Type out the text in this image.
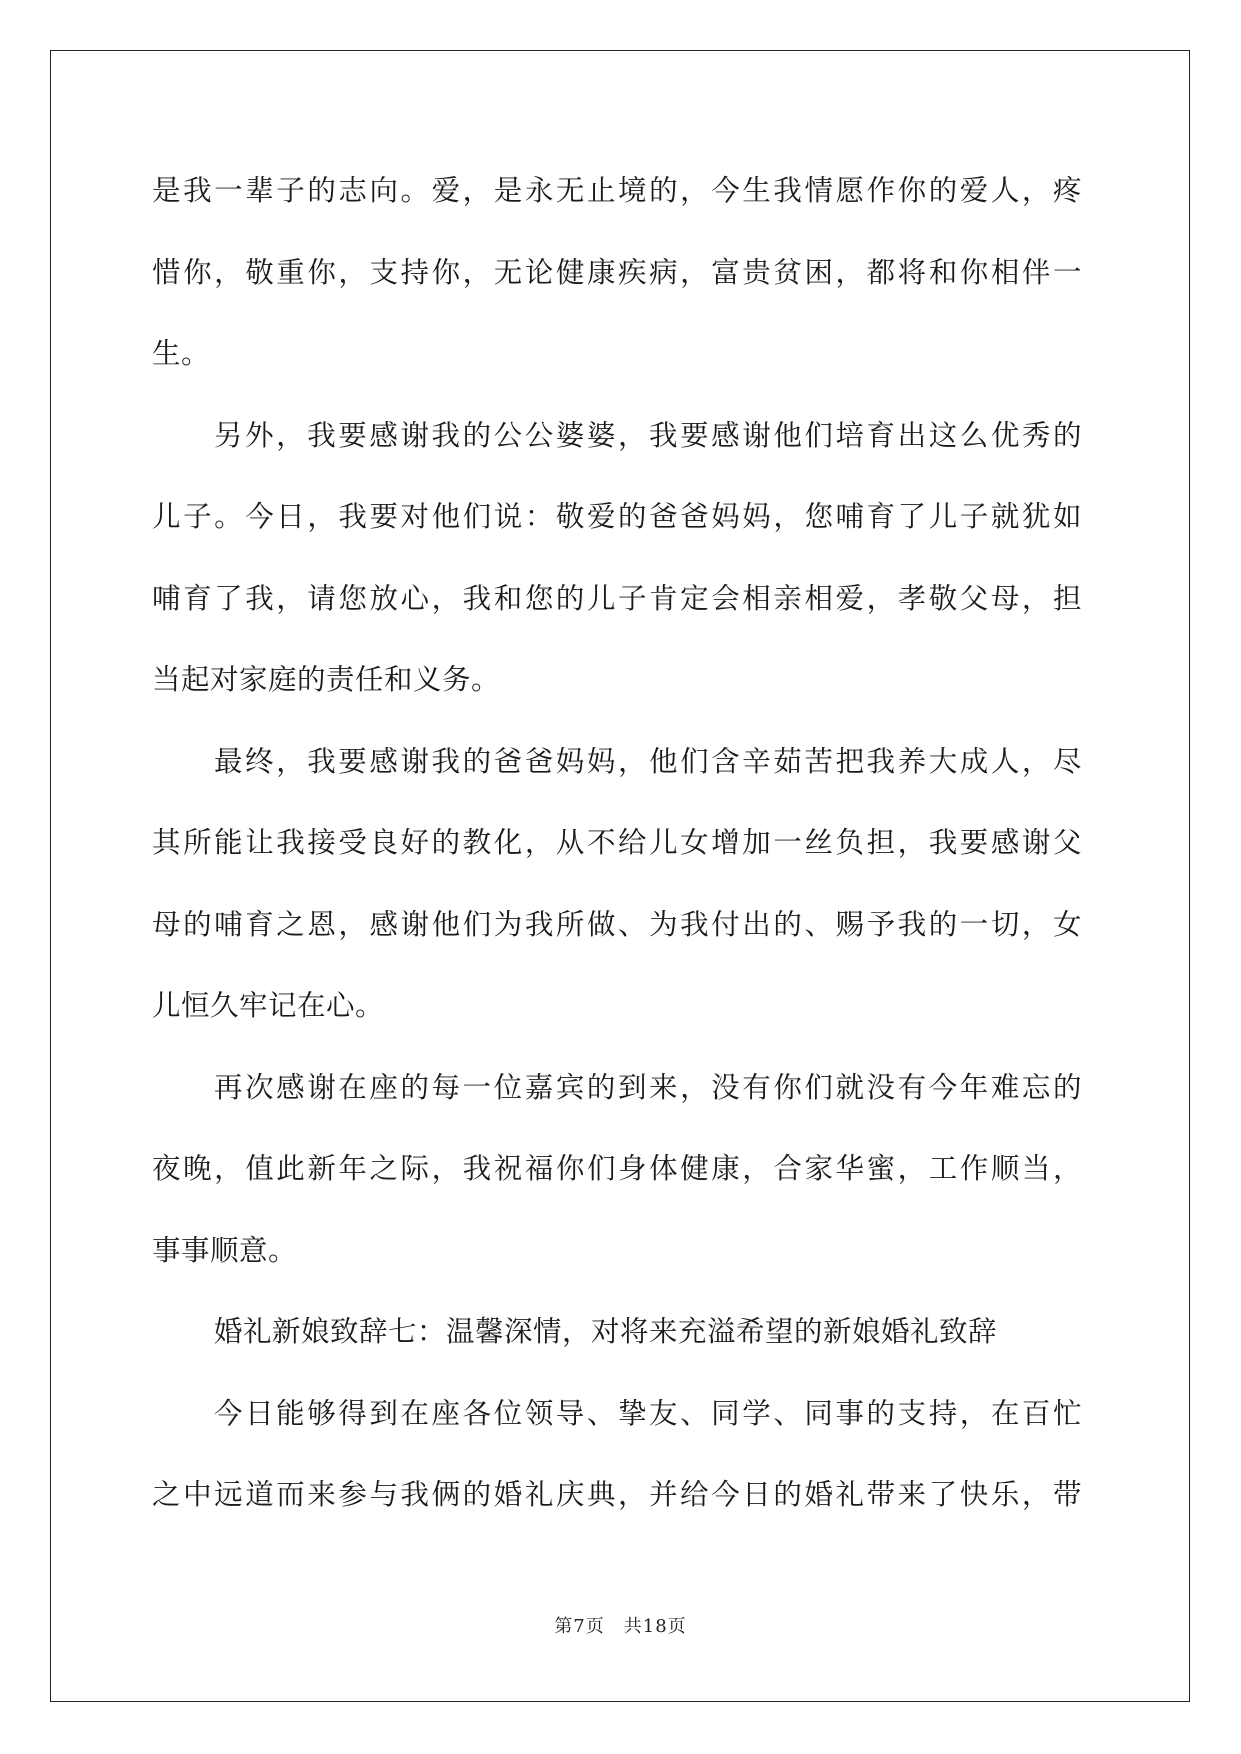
是我一辈子的志向。爱，是永无止境的，今生我情愿作你的爱人，疼
惜你，敬重你，支持你，无论健康疾病，富贵贫困，都将和你相伴一
生。
另外，我要感谢我的公公婆婆，我要感谢他们培育出这么优秀的
儿子。今日，我要对他们说：敬爱的爸爸妈妈，您哺育了儿子就犹如
哺育了我，请您放心，我和您的儿子肯定会相亲相爱，孝敬父母，担
当起对家庭的责任和义务。
最终，我要感谢我的爸爸妈妈，他们含辛茹苦把我养大成人，尽
其所能让我接受良好的教化，从不给儿女增加一丝负担，我要感谢父
母的哺育之恩，感谢他们为我所做、为我付出的、赐予我的一切，女
儿恒久牢记在心。
再次感谢在座的每一位嘉宾的到来，没有你们就没有今年难忘的
夜晚，值此新年之际，我祝福你们身体健康，合家华蜜，工作顺当，
事事顺意。
婚礼新娘致辞七：温馨深情，对将来充溢希望的新娘婚礼致辞
今日能够得到在座各位领导、挚友、同学、同事的支持，在百忙
之中远道而来参与我俩的婚礼庆典，并给今日的婚礼带来了快乐，带
第7页　共18页
